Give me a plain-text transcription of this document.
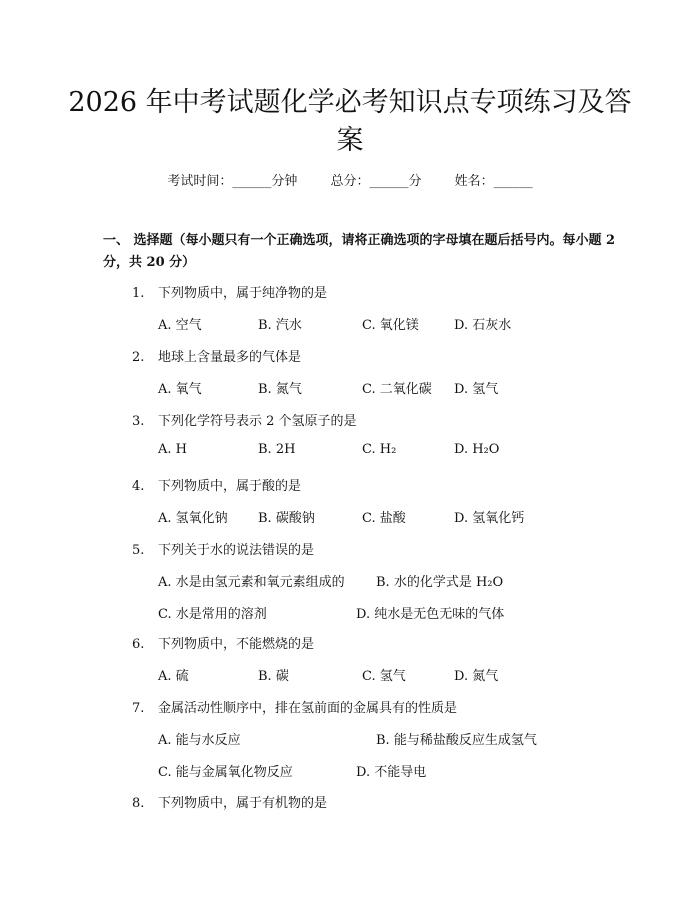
2026 年中考试题化学必考知识点专项练习及答案
考试时间：______分钟	总分：______分	姓名：______
一、 选择题（每小题只有一个正确选项，请将正确选项的字母填在题后括号内。每小题 2 分，共 20 分）
1. 下列物质中，属于纯净物的是
A. 空气	B. 汽水	C. 氧化镁	D. 石灰水
2. 地球上含量最多的气体是
A. 氧气	B. 氮气	C. 二氧化碳 D. 氢气
3. 下列化学符号表示 2 个氢原子的是
A. H	B. 2H	C. H₂	D. H₂O
4. 下列物质中，属于酸的是
A. 氢氧化钠 B. 碳酸钠	C. 盐酸	D. 氢氧化钙
5. 下列关于水的说法错误的是
A. 水是由氢元素和氧元素组成的 B. 水的化学式是 H₂O
C. 水是常用的溶剂	D. 纯水是无色无味的气体
6. 下列物质中，不能燃烧的是
A. 硫	B. 碳	C. 氢气	D. 氮气
7. 金属活动性顺序中，排在氢前面的金属具有的性质是
A. 能与水反应	B. 能与稀盐酸反应生成氢气
C. 能与金属氧化物反应	D. 不能导电
8. 下列物质中，属于有机物的是
